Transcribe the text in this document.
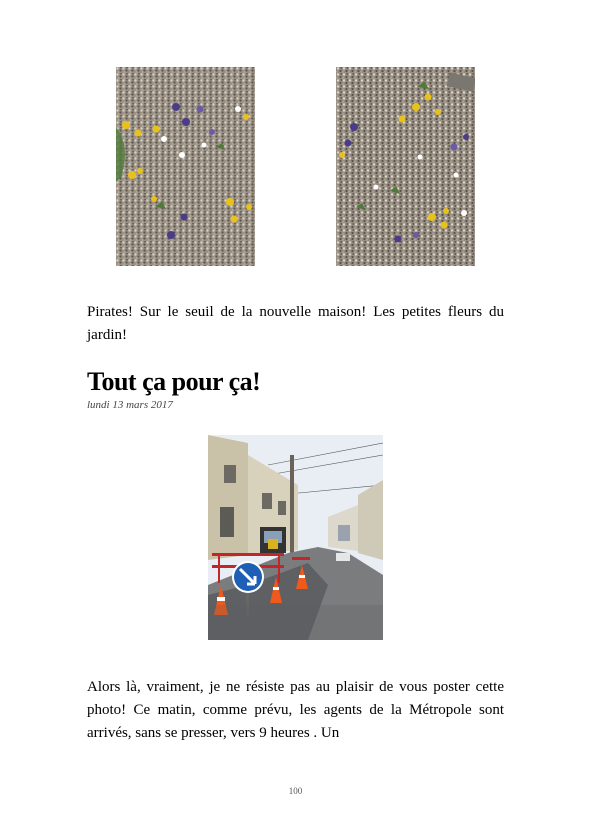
Pirates! Sur le seuil de la nouvelle maison! Les petites fleurs du jardin!

Tout ça pour ça!
lundi 13 mars 2017

Alors là, vraiment, je ne résiste pas au plaisir de vous poster cette photo! Ce matin, comme prévu, les agents de la Métropole sont arrivés, sans se presser, vers 9 heures . Un

100
